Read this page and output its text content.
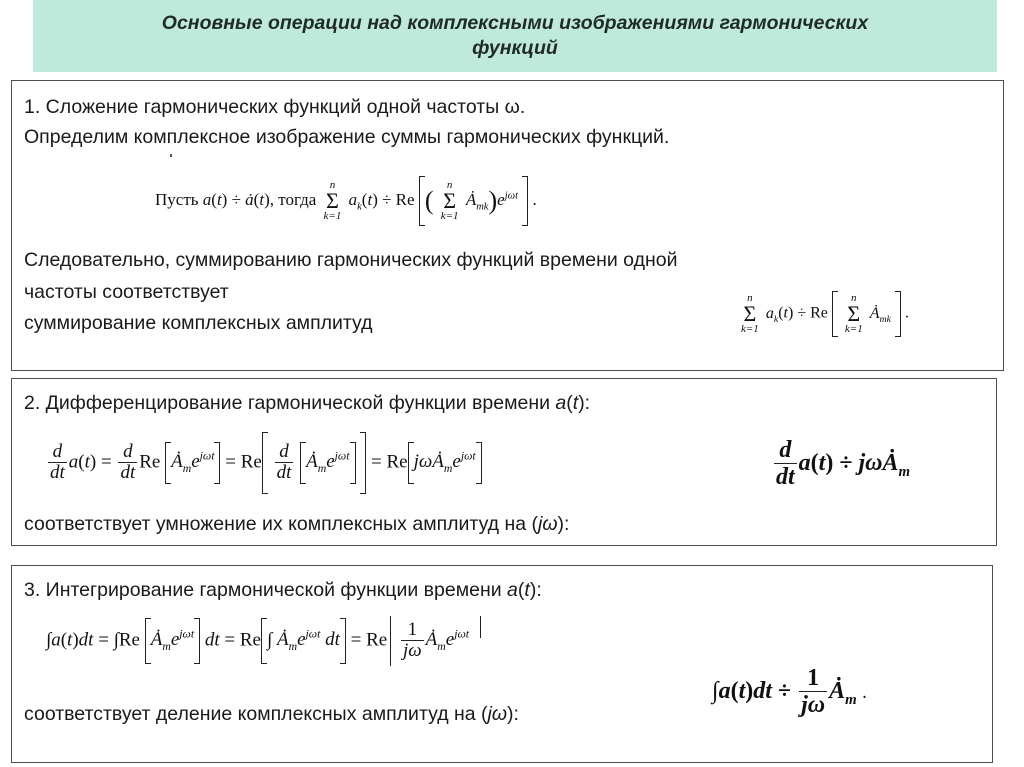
Основные операции над комплексными изображениями гармонических
функций
1. Сложение гармонических функций одной частоты ω.
Определим комплексное изображение суммы гармонических функций.
Пусть a(t) ÷ ȧ(t), тогда
n
Σ
k=1
$a_k(t) \div Re$ (
n
Σ
k=1
$Ȧ_{mk})e^{j\omega t}$  .
Следовательно, суммированию гармонических функций времени одной
частоты соответствует
суммирование комплексных амплитуд
n
Σ
k=1
$a_k(t) \div Re$
n
Σ
k=1
$Ȧ_{mk}$  .
2. Дифференцирование гармонической функции времени a(t):
$\frac{d}{dt} a(t) = \frac{d}{dt}$ Re $Ȧ_me^{j\omega t} = Re \frac{d}{dt}$ $Ȧ_me^{j\omega t} = Re$ $j\omega Ȧ_me^{j\omega t}$	$\frac{d}{dt} a(t)$ ÷ jωȦ$_m$
соответствует умножение их комплексных амплитуд на (jω):
3. Интегрирование гармонической функции времени a(t):
∫a(t)dt = ∫Re $Ȧ_me^{j\omega t}$ dt = Re ∫ $Ȧ_me^{j\omega t}$ dt = Re $\frac{1}{j\omega}$ $Ȧ_me^{j\omega t}$
$\int a(t)dt \div \frac{1}{j\omega}$ $Ȧ_m$ .
соответствует деление комплексных амплитуд на (jω):
